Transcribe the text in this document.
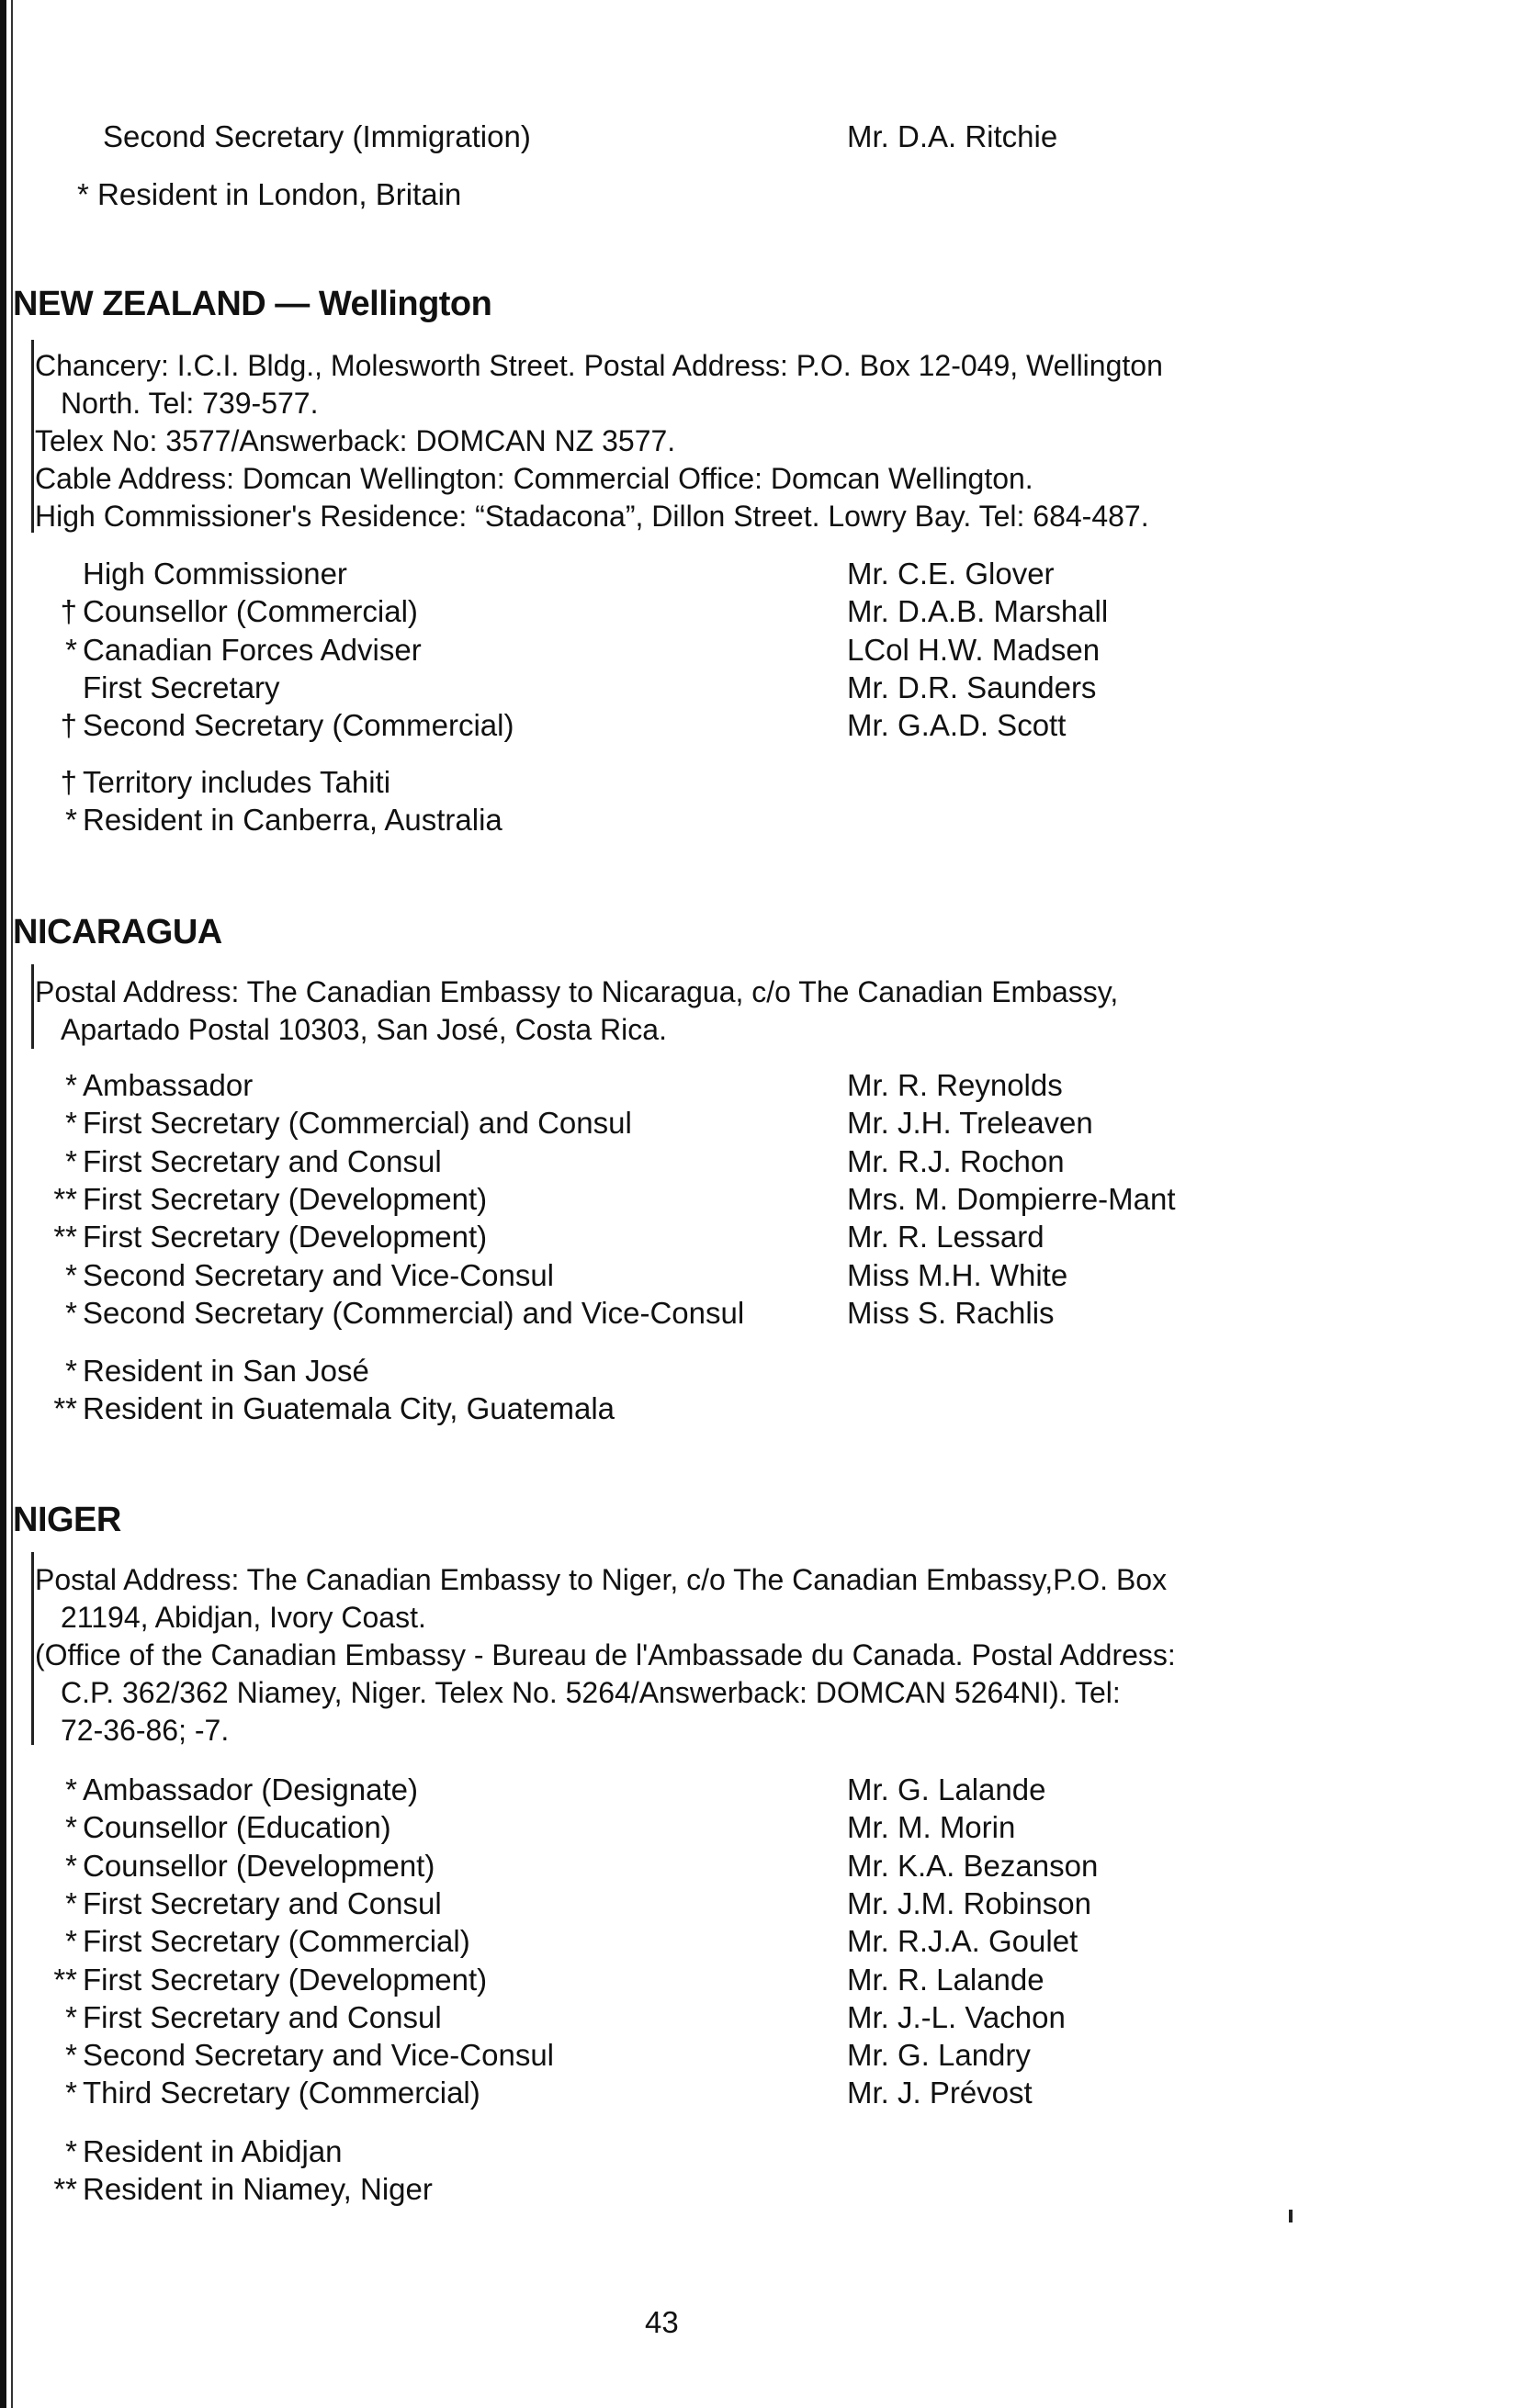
Second Secretary (Immigration)	Mr. D.A. Ritchie
* Resident in London, Britain
NEW ZEALAND — Wellington
Chancery: I.C.I. Bldg., Molesworth Street. Postal Address: P.O. Box 12-049, Wellington
North. Tel: 739-577.
Telex No: 3577/Answerback: DOMCAN NZ 3577.
Cable Address: Domcan Wellington: Commercial Office: Domcan Wellington.
High Commissioner's Residence: “Stadacona”, Dillon Street. Lowry Bay. Tel: 684-487.
High Commissioner	Mr. C.E. Glover
† Counsellor (Commercial)	Mr. D.A.B. Marshall
* Canadian Forces Adviser	LCol H.W. Madsen
First Secretary	Mr. D.R. Saunders
† Second Secretary (Commercial)	Mr. G.A.D. Scott
† Territory includes Tahiti
* Resident in Canberra, Australia
NICARAGUA
Postal Address: The Canadian Embassy to Nicaragua, c/o The Canadian Embassy,
Apartado Postal 10303, San José, Costa Rica.
* Ambassador	Mr. R. Reynolds
* First Secretary (Commercial) and Consul	Mr. J.H. Treleaven
* First Secretary and Consul	Mr. R.J. Rochon
** First Secretary (Development)	Mrs. M. Dompierre-Mant
** First Secretary (Development)	Mr. R. Lessard
* Second Secretary and Vice-Consul	Miss M.H. White
* Second Secretary (Commercial) and Vice-Consul	Miss S. Rachlis
* Resident in San José
** Resident in Guatemala City, Guatemala
NIGER
Postal Address: The Canadian Embassy to Niger, c/o The Canadian Embassy,P.O. Box
21194, Abidjan, Ivory Coast.
(Office of the Canadian Embassy - Bureau de l'Ambassade du Canada. Postal Address:
C.P. 362/362 Niamey, Niger. Telex No. 5264/Answerback: DOMCAN 5264NI). Tel:
72-36-86; -7.
* Ambassador (Designate)	Mr. G. Lalande
* Counsellor (Education)	Mr. M. Morin
* Counsellor (Development)	Mr. K.A. Bezanson
* First Secretary and Consul	Mr. J.M. Robinson
* First Secretary (Commercial)	Mr. R.J.A. Goulet
** First Secretary (Development)	Mr. R. Lalande
* First Secretary and Consul	Mr. J.-L. Vachon
* Second Secretary and Vice-Consul	Mr. G. Landry
* Third Secretary (Commercial)	Mr. J. Prévost
* Resident in Abidjan
** Resident in Niamey, Niger
43
